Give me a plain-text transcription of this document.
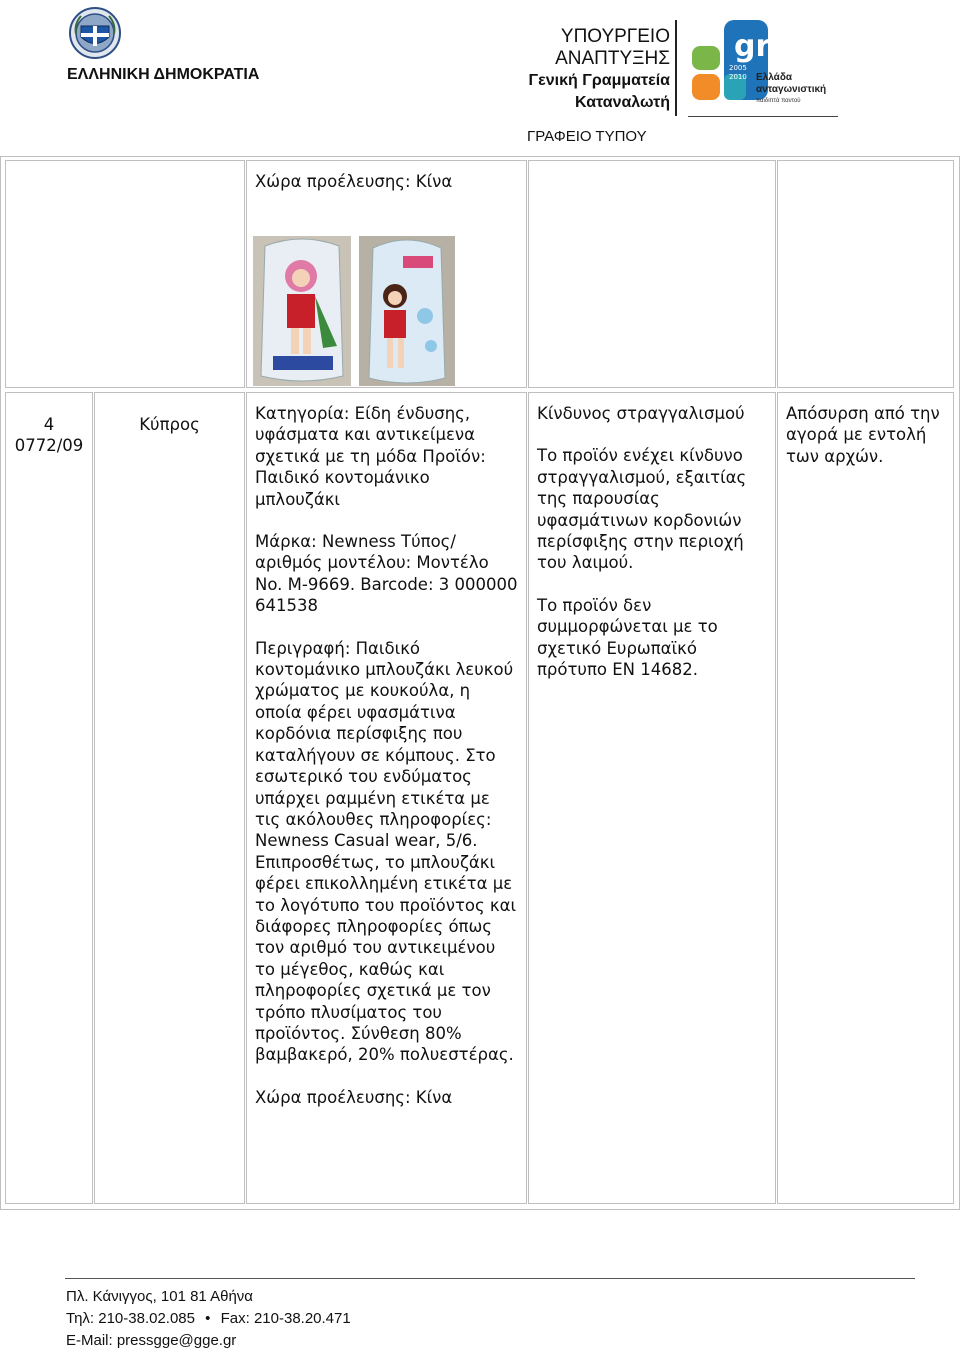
ΕΛΛΗΝΙΚΗ ΔΗΜΟΚΡΑΤΙΑ
ΥΠΟΥΡΓΕΙΟ
ΑΝΑΠΤΥΞΗΣ
Γενική Γραμματεία
Καταναλωτή
gr
2005
2010 Ελλάδα
ανταγωνιστική
παιδιπτά παντού
ΓΡΑΦΕΙΟ ΤΥΠΟΥ
Χώρα προέλευσης: Κίνα
4
0772/09
Κύπρος

Κατηγορία: Είδη ένδυσης, υφάσματα και αντικείμενα σχετικά με τη μόδα Προϊόν: Παιδικό κοντομάνικο μπλουζάκι

Μάρκα: Newness Τύπος/ αριθμός μοντέλου: Μοντέλο No. M-9669. Barcode: 3 000000 641538

Περιγραφή: Παιδικό κοντομάνικο μπλουζάκι λευκού χρώματος με κουκούλα, η οποία φέρει υφασμάτινα κορδόνια περίσφιξης που καταλήγουν σε κόμπους. Στο εσωτερικό του ενδύματος υπάρχει ραμμένη ετικέτα με τις ακόλουθες πληροφορίες: Newness Casual wear, 5/6. Επιπροσθέτως, το μπλουζάκι φέρει επικολλημένη ετικέτα με το λογότυπο του προϊόντος και διάφορες πληροφορίες όπως τον αριθμό του αντικειμένου το μέγεθος, καθώς και πληροφορίες σχετικά με τον τρόπο πλυσίματος του προϊόντος. Σύνθεση 80% βαμβακερό, 20% πολυεστέρας.

Χώρα προέλευσης: Κίνα

Κίνδυνος στραγγαλισμού

Το προϊόν ενέχει κίνδυνο στραγγαλισμού, εξαιτίας της παρουσίας υφασμάτινων κορδονιών περίσφιξης στην περιοχή του λαιμού.

Το προϊόν δεν συμμορφώνεται με το σχετικό Ευρωπαϊκό πρότυπο EN 14682.

Απόσυρση από την αγορά με εντολή των αρχών.
Πλ. Κάνιγγος, 101 81 Αθήνα
Τηλ: 210-38.02.085 • Fax: 210-38.20.471
E-Mail: pressgge@gge.gr
